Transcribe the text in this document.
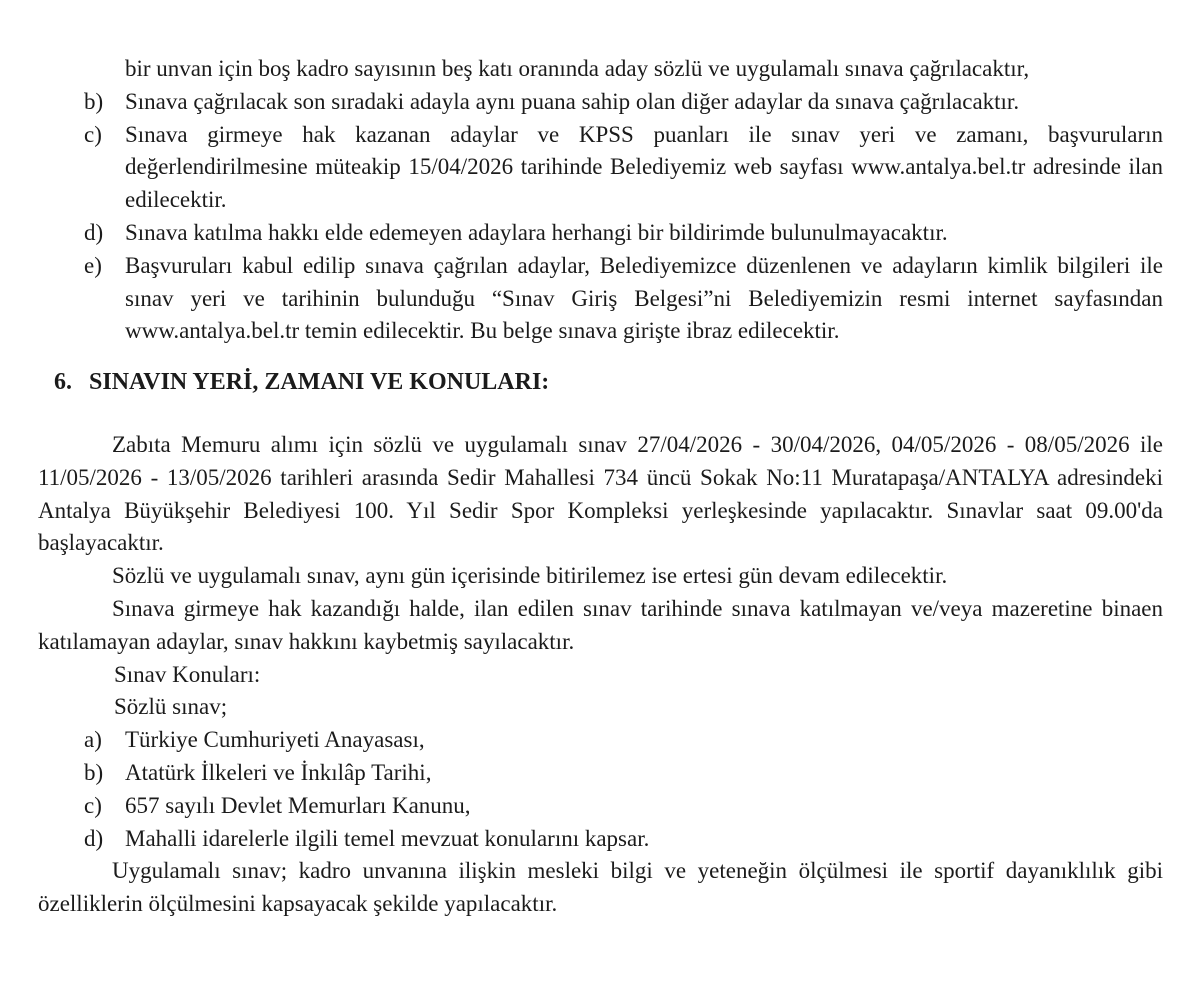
bir unvan için boş kadro sayısının beş katı oranında aday sözlü ve uygulamalı sınava çağrılacaktır,
b) Sınava çağrılacak son sıradaki adayla aynı puana sahip olan diğer adaylar da sınava çağrılacaktır.
c) Sınava girmeye hak kazanan adaylar ve KPSS puanları ile sınav yeri ve zamanı, başvuruların değerlendirilmesine müteakip 15/04/2026 tarihinde Belediyemiz web sayfası www.antalya.bel.tr adresinde ilan edilecektir.
d) Sınava katılma hakkı elde edemeyen adaylara herhangi bir bildirimde bulunulmayacaktır.
e) Başvuruları kabul edilip sınava çağrılan adaylar, Belediyemizce düzenlenen ve adayların kimlik bilgileri ile sınav yeri ve tarihinin bulunduğu “Sınav Giriş Belgesi”ni Belediyemizin resmi internet sayfasından www.antalya.bel.tr temin edilecektir. Bu belge sınava girişte ibraz edilecektir.
6. SINAVIN YERİ, ZAMANI VE KONULARI:
Zabıta Memuru alımı için sözlü ve uygulamalı sınav 27/04/2026 - 30/04/2026, 04/05/2026 - 08/05/2026 ile 11/05/2026 - 13/05/2026 tarihleri arasında Sedir Mahallesi 734 üncü Sokak No:11 Muratapaşa/ANTALYA adresindeki Antalya Büyükşehir Belediyesi 100. Yıl Sedir Spor Kompleksi yerleşkesinde yapılacaktır. Sınavlar saat 09.00'da başlayacaktır.
Sözlü ve uygulamalı sınav, aynı gün içerisinde bitirilemez ise ertesi gün devam edilecektir.
Sınava girmeye hak kazandığı halde, ilan edilen sınav tarihinde sınava katılmayan ve/veya mazeretine binaen katılamayan adaylar, sınav hakkını kaybetmiş sayılacaktır.
Sınav Konuları:
Sözlü sınav;
a) Türkiye Cumhuriyeti Anayasası,
b) Atatürk İlkeleri ve İnkılâp Tarihi,
c) 657 sayılı Devlet Memurları Kanunu,
d) Mahalli idarelerle ilgili temel mevzuat konularını kapsar.
Uygulamalı sınav; kadro unvanına ilişkin mesleki bilgi ve yeteneğin ölçülmesi ile sportif dayanıklılık gibi özelliklerin ölçülmesini kapsayacak şekilde yapılacaktır.
